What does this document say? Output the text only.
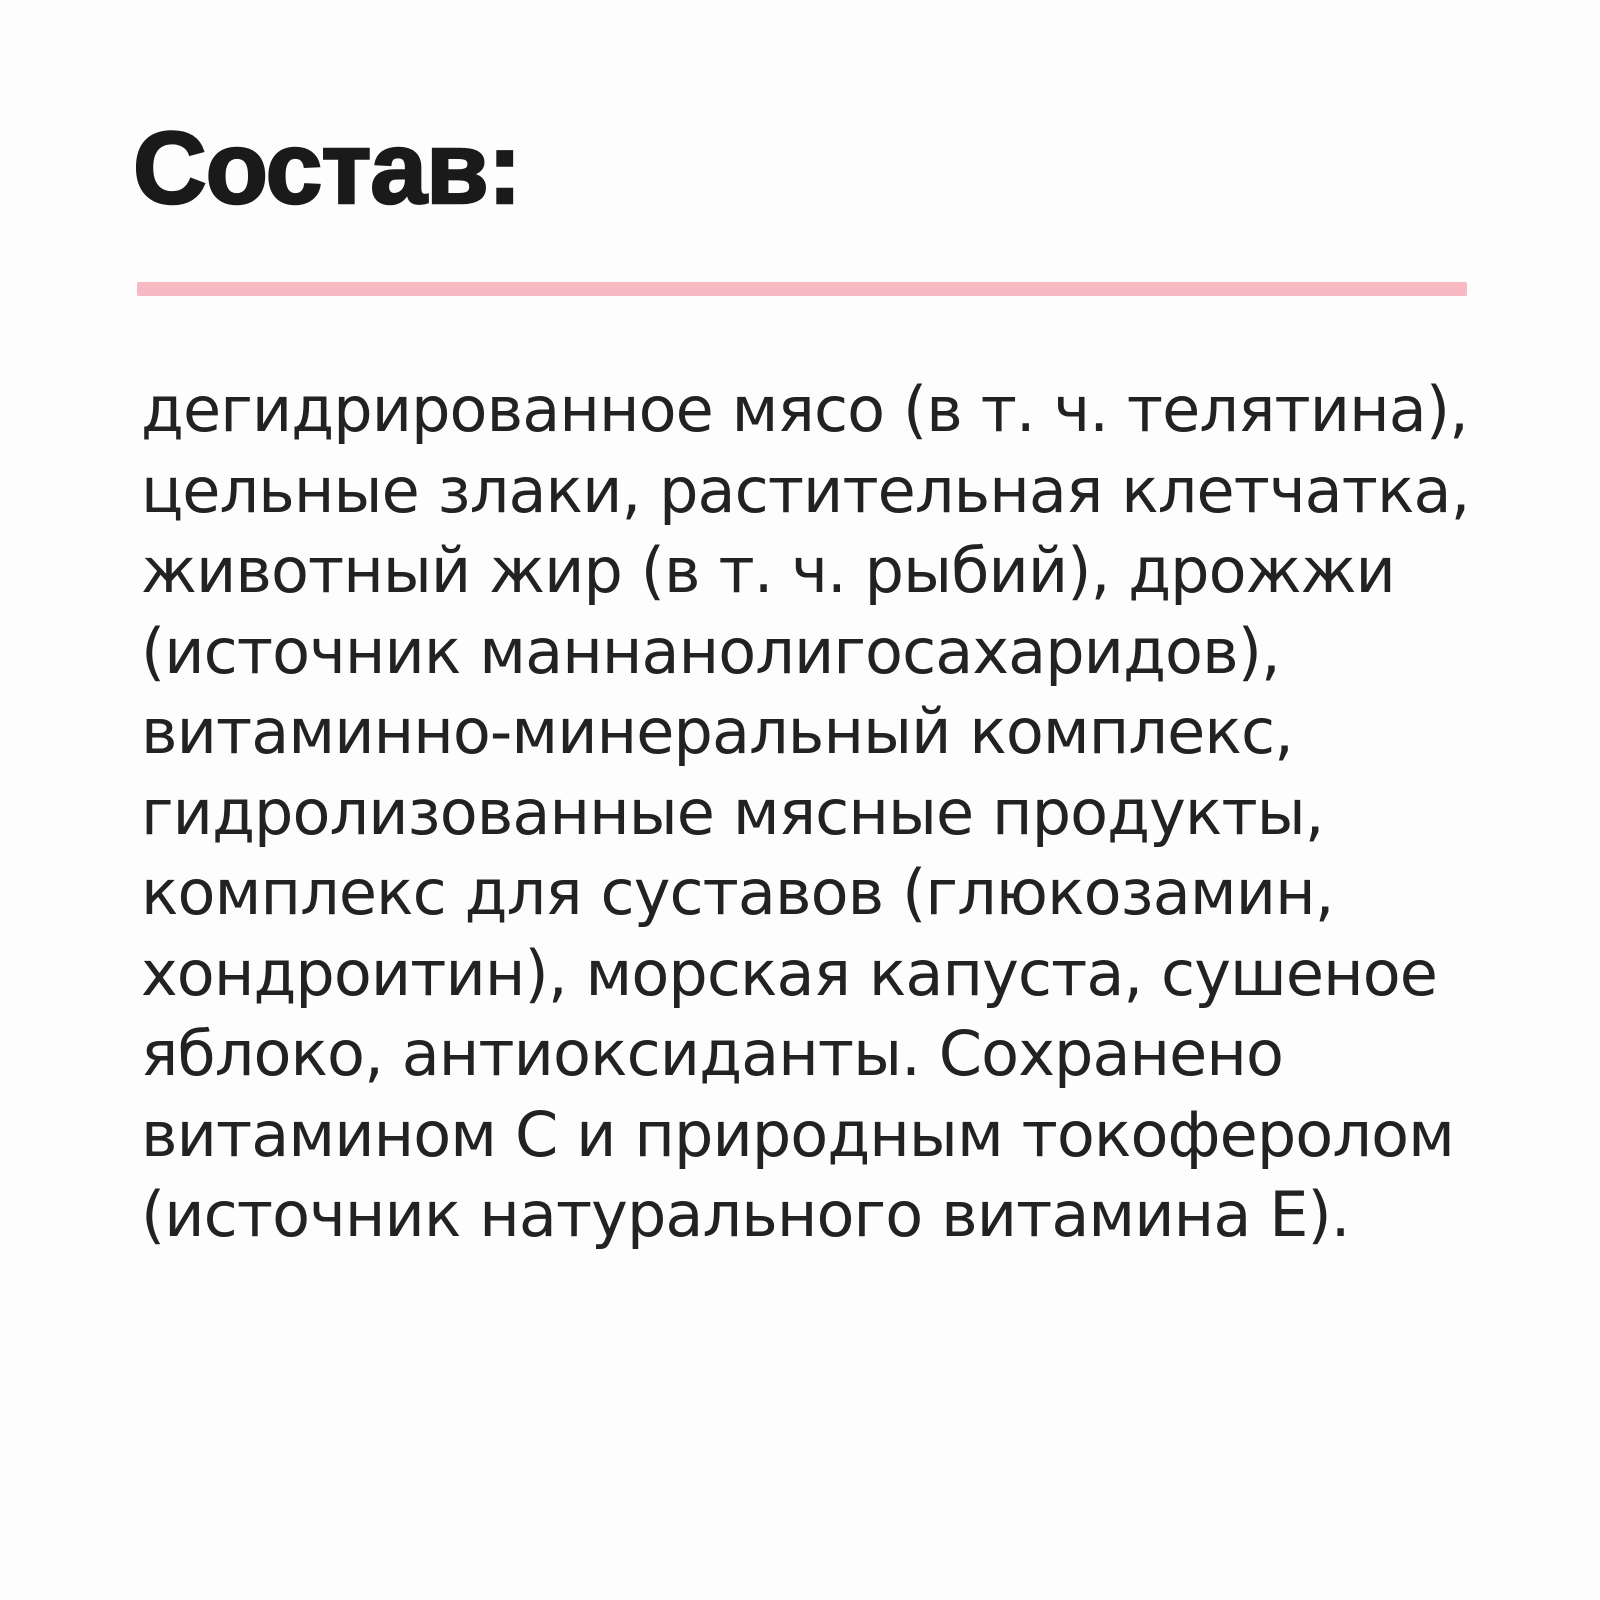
Состав:
дегидрированное мясо (в т. ч. телятина),
цельные злаки, растительная клетчатка,
животный жир (в т. ч. рыбий), дрожжи
(источник маннанолигосахаридов),
витаминно-минеральный комплекс,
гидролизованные мясные продукты,
комплекс для суставов (глюкозамин,
хондроитин), морская капуста, сушеное
яблоко, антиоксиданты. Сохранено
витамином С и природным токоферолом
(источник натурального витамина Е).
